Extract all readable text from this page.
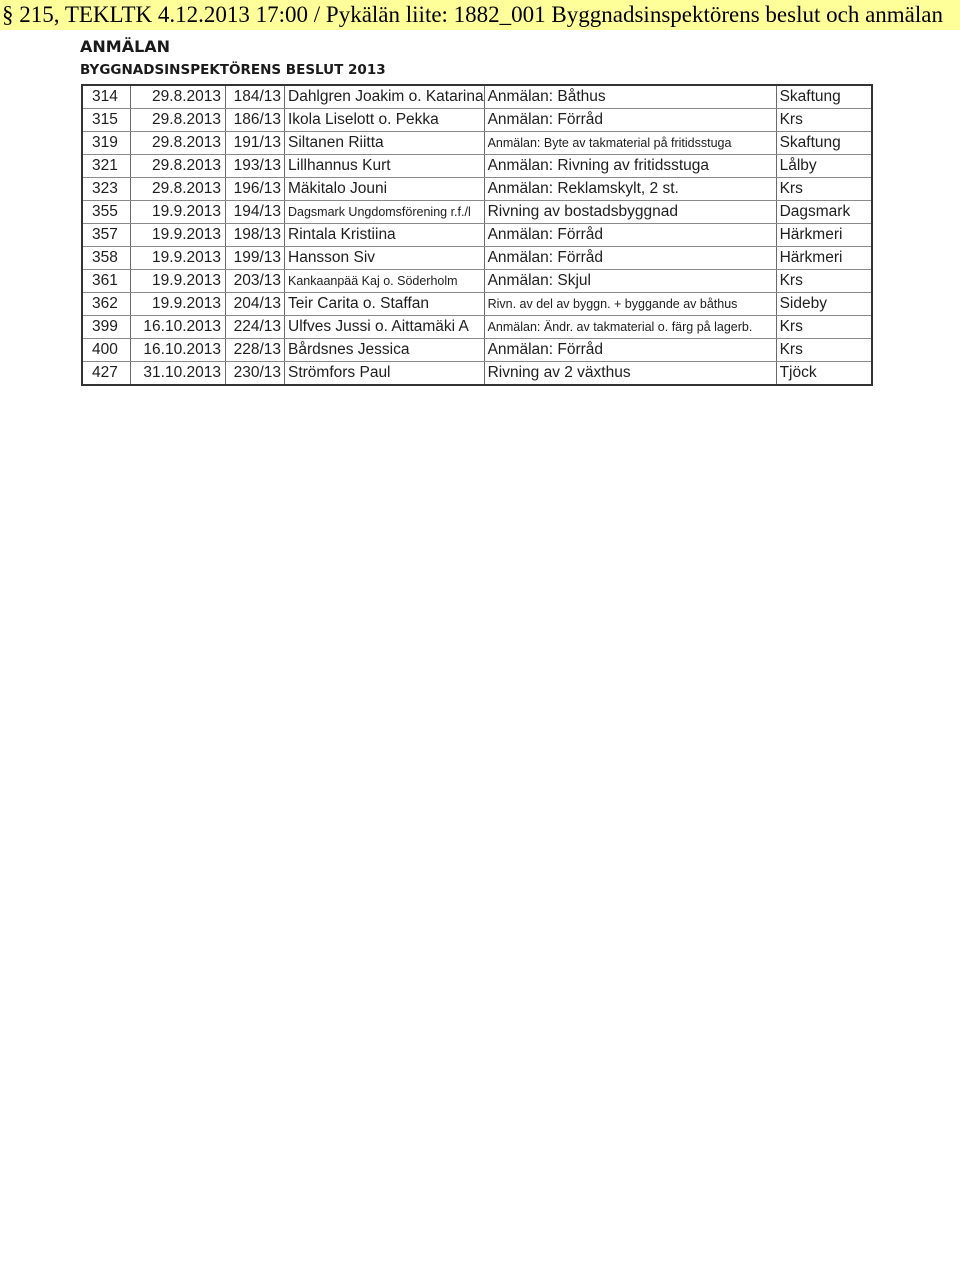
§ 215, TEKLTK 4.12.2013 17:00 / Pykälän liite: 1882_001 Byggnadsinspektörens beslut och anmälan
ANMÄLAN
BYGGNADSINSPEKTÖRENS BESLUT 2013
314	29.8.2013	184/13	Dahlgren Joakim o. Katarina	Anmälan: Båthus	Skaftung
315	29.8.2013	186/13	Ikola Liselott o. Pekka	Anmälan: Förråd	Krs
319	29.8.2013	191/13	Siltanen Riitta	Anmälan: Byte av takmaterial på fritidsstuga	Skaftung
321	29.8.2013	193/13	Lillhannus Kurt	Anmälan: Rivning av fritidsstuga	Lålby
323	29.8.2013	196/13	Mäkitalo Jouni	Anmälan: Reklamskylt, 2 st.	Krs
355	19.9.2013	194/13	Dagsmark Ungdomsförening r.f./l	Rivning av bostadsbyggnad	Dagsmark
357	19.9.2013	198/13	Rintala Kristiina	Anmälan: Förråd	Härkmeri
358	19.9.2013	199/13	Hansson Siv	Anmälan: Förråd	Härkmeri
361	19.9.2013	203/13	Kankaanpää Kaj o. Söderholm	Anmälan: Skjul	Krs
362	19.9.2013	204/13	Teir Carita o. Staffan	Rivn. av del av byggn. + byggande av båthus	Sideby
399	16.10.2013	224/13	Ulfves Jussi o. Aittamäki A	Anmälan: Ändr. av takmaterial o. färg på lagerb.	Krs
400	16.10.2013	228/13	Bårdsnes Jessica	Anmälan: Förråd	Krs
427	31.10.2013	230/13	Strömfors Paul	Rivning av 2 växthus	Tjöck
